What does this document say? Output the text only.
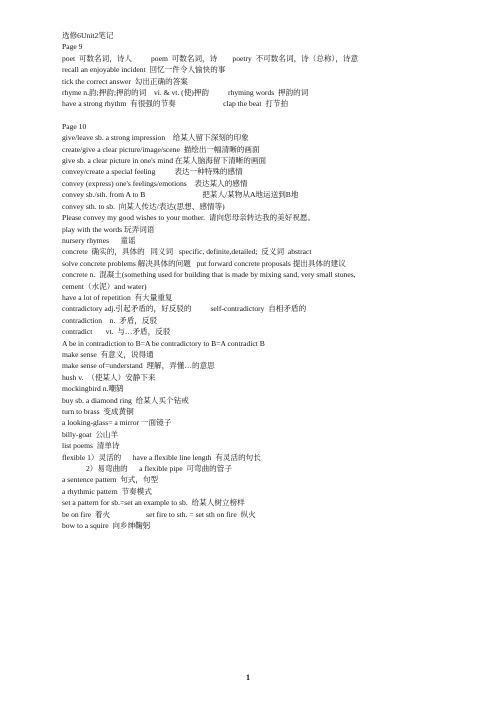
选修6Unit2笔记
Page 9
poet  可数名词，诗人          poem  可数名词，诗        poetry  不可数名词，诗（总称），诗意
recall an enjoyable incident  回忆一件令人愉快的事
tick the correct answer  勾出正确的答案
rhyme n.韵;押韵;押韵的词    vi. & vt. (使)押韵          rhyming words  押韵的词
have a strong rhythm  有很强的节奏                         clap the beat  打节拍
Page 10
give/leave sb. a strong impression    给某人留下深刻的印象
create/give a clear picture/image/scene  描绘出一幅清晰的画面
give sb. a clear picture in one's mind 在某人脑海留下清晰的画面
convey/create a special feeling          表达一种特殊的感情
convey (express) one's feelings/emotions    表达某人的感情
convey sb./sth. from A to B                              把某人/某物从A地运送到B地
convey sth. to sb.  向某人传达/表达(思想、感情等)
Please convey my good wishes to your mother.  请向您母亲转达我的美好祝愿。
play with the words 玩弄词语
nursery rhymes      童谣
concrete  确实的，具体的   同义词   specific, definite,detailed;  反义词  abstract
solve concrete problems 解决具体的问题   put forward concrete proposals 提出具体的建议
concrete n.  混凝土(something used for building that is made by mixing sand, very small stones,
cement（水泥）and water)
have a lot of repetition  有大量重复
contradictory adj.引起矛盾的，好反驳的          self-contradictory  自相矛盾的
contradiction    n.  矛盾，反驳
contradict       vt.  与…矛盾，反驳
A be in contradiction to B=A be contradictory to B=A contradict B
make sense  有意义，说得通
make sense of=understand  理解，弄懂…的意思
hush v.  （使某人）安静下来
mockingbird n.嘲鸫
buy sb. a diamond ring  给某人买个钻戒
turn to brass  变成黄铜
a looking-glass= a mirror 一面镜子
billy-goat  公山羊
list poems  清单诗
flexible 1）灵活的      have a flexible line length  有灵活的句长
2）易弯曲的      a flexible pipe  可弯曲的管子
a sentence pattern  句式，句型
a rhythmic pattern  节奏模式
set a pattern for sb.=set an example to sb.  给某人树立榜样
be on fire  着火                   set fire to sth. = set sth on fire  纵火
bow to a squire  向乡绅鞠躬
1
